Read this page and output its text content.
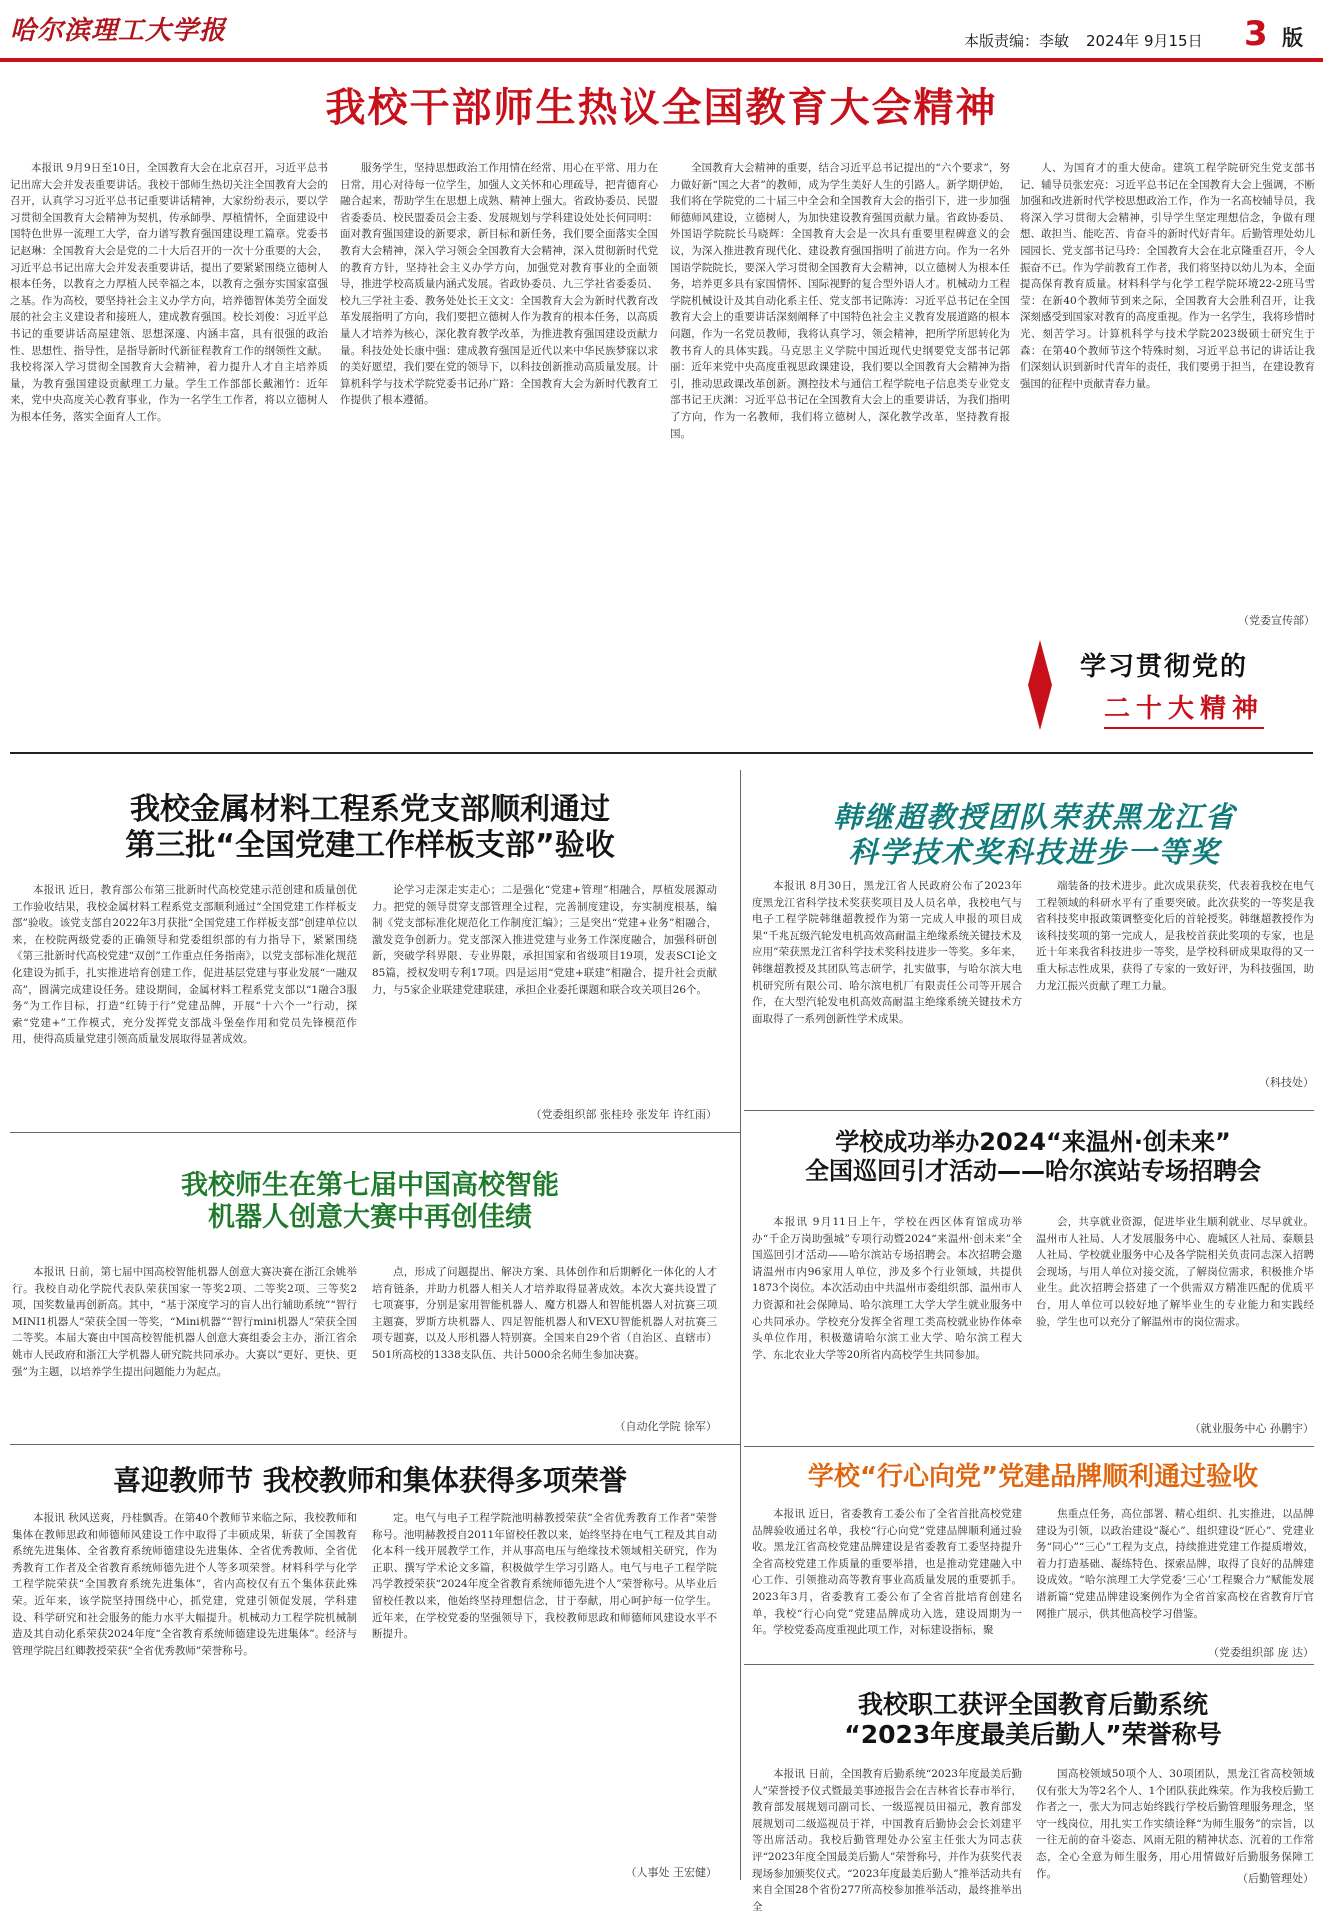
哈尔滨理工大学报	本版责编：李敏 2024年 9月15日 3 版
我校干部师生热议全国教育大会精神

本报讯 9月9日至10日，全国教育大会在北京召开，习近平总书记出席大会并发表重要讲话。我校干部师生热切关注全国教育大会的召开，认真学习习近平总书记重要讲话精神，大家纷纷表示，要以学习贯彻全国教育大会精神为契机，传承師學、厚植情怀，全面建设中国特色世界一流理工大学，奋力谱写教育强国建设理工篇章。党委书记赵琳：全国教育大会是党的二十大后召开的一次十分重要的大会，习近平总书记出席大会并发表重要讲话，提出了要紧紧围绕立德树人根本任务，以教育之力厚植人民幸福之本，以教育之强夯实国家富强之基。作为高校，要坚持社会主义办学方向，培养德智体美劳全面发展的社会主义建设者和接班人，建成教育强国。校长刘俊：习近平总书记的重要讲话高屋建瓴、思想深邃、内涵丰富，具有很强的政治性、思想性、指导性，是指导新时代新征程教育工作的纲领性文献。我校将深入学习贯彻全国教育大会精神，着力提升人才自主培养质量，为教育强国建设贡献理工力量。学生工作部部长戴湘竹：近年来，党中央高度关心教育事业，作为一名学生工作者，将以立德树人为根本任务，落实全面育人工作。

服务学生，坚持思想政治工作用情在经常、用心在平常、用力在日常，用心对待每一位学生，加强人文关怀和心理疏导，把青德育心融合起来，帮助学生在思想上成熟、精神上强大。省政协委员、民盟省委委员、校民盟委员会主委、发展规划与学科建设处处长何同明：面对教育强国建设的新要求，新目标和新任务，我们要全面落实全国教育大会精神，深入学习领会全国教育大会精神，深入贯彻新时代党的教育方针，坚持社会主义办学方向，加强党对教育事业的全面领导，推进学校高质量内涵式发展。省政协委员、九三学社省委委员、校九三学社主委、教务处处长王文文：全国教育大会为新时代教育改革发展指明了方向，我们要把立德树人作为教育的根本任务，以高质量人才培养为核心，深化教育教学改革，为推进教育强国建设贡献力量。科技处处长康中强：建成教育强国是近代以来中华民族梦寐以求的美好愿望，我们要在党的领导下，以科技创新推动高质量发展。计算机科学与技术学院党委书记孙广路：全国教育大会为新时代教育工作提供了根本遵循。

全国教育大会精神的重要，结合习近平总书记提出的“六个要求”，努力做好新“国之大者”的教师，成为学生美好人生的引路人。新学期伊始，我们将在学院党的二十届三中全会和全国教育大会的指引下，进一步加强师德师风建设，立德树人，为加快建设教育强国贡献力量。省政协委员、外国语学院院长马晓辉：全国教育大会是一次具有重要里程碑意义的会议，为深入推进教育现代化、建设教育强国指明了前进方向。作为一名外国语学院院长，要深入学习贯彻全国教育大会精神，以立德树人为根本任务，培养更多具有家国情怀、国际视野的复合型外语人才。机械动力工程学院机械设计及其自动化系主任、党支部书记陈涛：习近平总书记在全国教育大会上的重要讲话深刻阐释了中国特色社会主义教育发展道路的根本问题，作为一名党员教师，我将认真学习，领会精神，把所学所思转化为教书育人的具体实践。马克思主义学院中国近现代史纲要党支部书记郭丽：近年来党中央高度重视思政课建设，我们要以全国教育大会精神为指引，推动思政课改革创新。测控技术与通信工程学院电子信息类专业党支部书记王庆渊：习近平总书记在全国教育大会上的重要讲话，为我们指明了方向，作为一名教师，我们将立德树人，深化教学改革，坚持教育报国。

人、为国育才的重大使命。建筑工程学院研究生党支部书记、辅导员张宏亮：习近平总书记在全国教育大会上强调，不断加强和改进新时代学校思想政治工作，作为一名高校辅导员，我将深入学习贯彻大会精神，引导学生坚定理想信念，争做有理想、敢担当、能吃苦、肯奋斗的新时代好青年。后勤管理处幼儿园园长、党支部书记马玲：全国教育大会在北京隆重召开，令人振奋不已。作为学前教育工作者，我们将坚持以幼儿为本，全面提高保育教育质量。材料科学与化学工程学院环境22-2班马雪莹：在新40个教师节到来之际，全国教育大会胜利召开，让我深刻感受到国家对教育的高度重视。作为一名学生，我将珍惜时光、刻苦学习。计算机科学与技术学院2023级硕士研究生于森：在第40个教师节这个特殊时刻，习近平总书记的讲话让我们深刻认识到新时代青年的责任，我们要勇于担当，在建设教育强国的征程中贡献青春力量。

（党委宣传部）
学习贯彻党的
二十大精神
我校金属材料工程系党支部顺利通过
第三批“全国党建工作样板支部”验收

本报讯 近日，教育部公布第三批新时代高校党建示范创建和质量创优工作验收结果，我校金属材料工程系党支部顺利通过“全国党建工作样板支部”验收。该党支部自2022年3月获批“全国党建工作样板支部”创建单位以来，在校院两级党委的正确领导和党委组织部的有力指导下，紧紧围绕《第三批新时代高校党建“双创”工作重点任务指南》，以党支部标准化规范化建设为抓手，扎实推进培育创建工作，促进基层党建与事业发展“一融双高”，圆满完成建设任务。建设期间，金属材料工程系党支部以“1融合3服务”为工作目标，打造“红铸于行”党建品牌，开展“十六个一”行动，探索“党建+”工作模式，充分发挥党支部战斗堡垒作用和党员先锋模范作用，使得高质量党建引领高质量发展取得显著成效。

论学习走深走实走心；二是强化“党建+管理”相融合，厚植发展源动力。把党的领导贯穿支部管理全过程，完善制度建设，夯实制度根基，编制《党支部标准化规范化工作制度汇编》；三是突出“党建+业务”相融合，激发竞争创新力。党支部深入推进党建与业务工作深度融合，加强科研创新，突破学科界限、专业界限，承担国家和省级项目19项，发表SCI论文85篇，授权发明专利17项。四是运用“党建+联建”相融合，提升社会贡献力，与5家企业联建党建联建，承担企业委托课题和联合攻关项目26个。

（党委组织部 张桂玲 张发年 许红雨）
韩继超教授团队荣获黑龙江省
科学技术奖科技进步一等奖

本报讯 8月30日，黑龙江省人民政府公布了2023年度黑龙江省科学技术奖获奖项目及人员名单，我校电气与电子工程学院韩继超教授作为第一完成人申报的项目成果“千兆瓦级汽轮发电机高效高耐温主绝缘系统关键技术及应用”荣获黑龙江省科学技术奖科技进步一等奖。多年来，韩继超教授及其团队笃志研学，扎实做事，与哈尔滨大电机研究所有限公司、哈尔滨电机厂有限责任公司等开展合作，在大型汽轮发电机高效高耐温主绝缘系统关键技术方面取得了一系列创新性学术成果。

端装备的技术进步。此次成果获奖，代表着我校在电气工程领域的科研水平有了重要突破。此次获奖的一等奖是我省科技奖申报政策调整变化后的首轮授奖。韩继超教授作为该科技奖项的第一完成人，是我校首获此奖项的专家，也是近十年来我省科技进步一等奖，是学校科研成果取得的又一重大标志性成果，获得了专家的一致好评，为科技强国，助力龙江振兴贡献了理工力量。

（科技处）
我校师生在第七届中国高校智能
机器人创意大赛中再创佳绩

本报讯 日前，第七届中国高校智能机器人创意大赛决赛在浙江余姚举行。我校自动化学院代表队荣获国家一等奖2项、二等奖2项、三等奖2项，国奖数量再创新高。其中，“基于深度学习的盲人出行辅助系统”“智行MINI1机器人”荣获全国一等奖，“Mini机器”“智行mini机器人”荣获全国二等奖。本届大赛由中国高校智能机器人创意大赛组委会主办，浙江省余姚市人民政府和浙江大学机器人研究院共同承办。大赛以“更好、更快、更强”为主题，以培养学生提出问题能力为起点。

点，形成了问题提出、解决方案、具体创作和后期孵化一体化的人才培育链条，并助力机器人相关人才培养取得显著成效。本次大赛共设置了七项赛事，分别是家用智能机器人、魔方机器人和智能机器人对抗赛三项主题赛，罗斯方块机器人、四足智能机器人和VEXU智能机器人对抗赛三项专题赛，以及人形机器人特别赛。全国来自29个省（自治区、直辖市）501所高校的1338支队伍、共计5000余名师生参加决赛。

（自动化学院 徐军）
学校成功举办2024“来温州·创未来”
全国巡回引才活动——哈尔滨站专场招聘会

本报讯 9月11日上午，学校在西区体育馆成功举办“千企万岗助强城”专项行动暨2024“来温州·创未来”全国巡回引才活动——哈尔滨站专场招聘会。本次招聘会邀请温州市内96家用人单位，涉及多个行业领域，共提供1873个岗位。本次活动由中共温州市委组织部、温州市人力资源和社会保障局、哈尔滨理工大学大学生就业服务中心共同承办。学校充分发挥全省理工类高校就业协作体牵头单位作用，积极邀请哈尔滨工业大学、哈尔滨工程大学、东北农业大学等20所省内高校学生共同参加。

会，共享就业资源，促进毕业生顺利就业、尽早就业。温州市人社局、人才发展服务中心、鹿城区人社局、泰顺县人社局、学校就业服务中心及各学院相关负责同志深入招聘会现场，与用人单位对接交流，了解岗位需求，积极推介毕业生。此次招聘会搭建了一个供需双方精准匹配的优质平台，用人单位可以较好地了解毕业生的专业能力和实践经验，学生也可以充分了解温州市的岗位需求。

（就业服务中心 孙鹏宇）
喜迎教师节 我校教师和集体获得多项荣誉

本报讯 秋风送爽，丹桂飘香。在第40个教师节来临之际，我校教师和集体在教师思政和师德师风建设工作中取得了丰硕成果，斩获了全国教育系统先进集体、全省教育系统师德建设先进集体、全省优秀教师、全省优秀教育工作者及全省教育系统师德先进个人等多项荣誉。材料科学与化学工程学院荣获“全国教育系统先进集体”，省内高校仅有五个集体获此殊荣。近年来，该学院坚持围绕中心，抓党建，党建引领促发展，学科建设、科学研究和社会服务的能力水平大幅提升。机械动力工程学院机械制造及其自动化系荣获2024年度“全省教育系统师德建设先进集体”。经济与管理学院吕红卿教授荣获“全省优秀教师”荣誉称号。

定。电气与电子工程学院池明赫教授荣获“全省优秀教育工作者”荣誉称号。池明赫教授自2011年留校任教以来，始终坚持在电气工程及其自动化本科一线开展教学工作，并从事高电压与绝缘技术领域相关研究，作为正职、撰写学术论文多篇，积极做学生学习引路人。电气与电子工程学院冯学教授荣获“2024年度全省教育系统师德先进个人”荣誉称号。从毕业后留校任教以来，他始终坚持理想信念，甘于奉献，用心呵护每一位学生。近年来，在学校党委的坚强领导下，我校教师思政和师德师风建设水平不断提升。

（人事处 王宏健）
学校“行心向党”党建品牌顺利通过验收

本报讯 近日，省委教育工委公布了全省首批高校党建品牌验收通过名单，我校“行心向党”党建品牌顺利通过验收。黑龙江省高校党建品牌建设是省委教育工委坚持提升全省高校党建工作质量的重要举措，也是推动党建融入中心工作、引领推动高等教育事业高质量发展的重要抓手。2023年3月，省委教育工委公布了全省首批培育创建名单，我校“行心向党”党建品牌成功入选，建设周期为一年。学校党委高度重视此项工作，对标建设指标，聚

焦重点任务，高位部署、精心组织、扎实推进，以品牌建设为引领，以政治建设“凝心”、组织建设“匠心”、党建业务“同心”“三心”工程为支点，持续推进党建工作提质增效，着力打造基础、凝练特色、探索品牌，取得了良好的品牌建设成效。“哈尔滨理工大学党委‘三心’工程聚合力”赋能发展谱新篇“党建品牌建设案例作为全省首家高校在省教育厅官网推广展示，供其他高校学习借鉴。

（党委组织部 庞 达）
我校职工获评全国教育后勤系统
“2023年度最美后勤人”荣誉称号

本报讯 日前，全国教育后勤系统“2023年度最美后勤人”荣誉授予仪式暨最美事迹报告会在吉林省长春市举行，教育部发展规划司副司长、一级巡视员田福元，教育部发展规划司二级巡视员于祥，中国教育后勤协会会长刘建平等出席活动。我校后勤管理处办公室主任张大为同志获评“2023年度全国最美后勤人”荣誉称号，并作为获奖代表现场参加颁奖仪式。“2023年度最美后勤人”推举活动共有来自全国28个省份277所高校参加推举活动，最终推举出全

国高校领域50项个人、30项团队，黑龙江省高校领域仅有张大为等2名个人、1个团队获此殊荣。作为我校后勤工作者之一，张大为同志始终践行学校后勤管理服务理念，坚守一线岗位，用扎实工作实绩诠释“为师生服务”的宗旨，以一往无前的奋斗姿态、风雨无阻的精神状态、沉着的工作常态，全心全意为师生服务，用心用情做好后勤服务保障工作。	（后勤管理处）
